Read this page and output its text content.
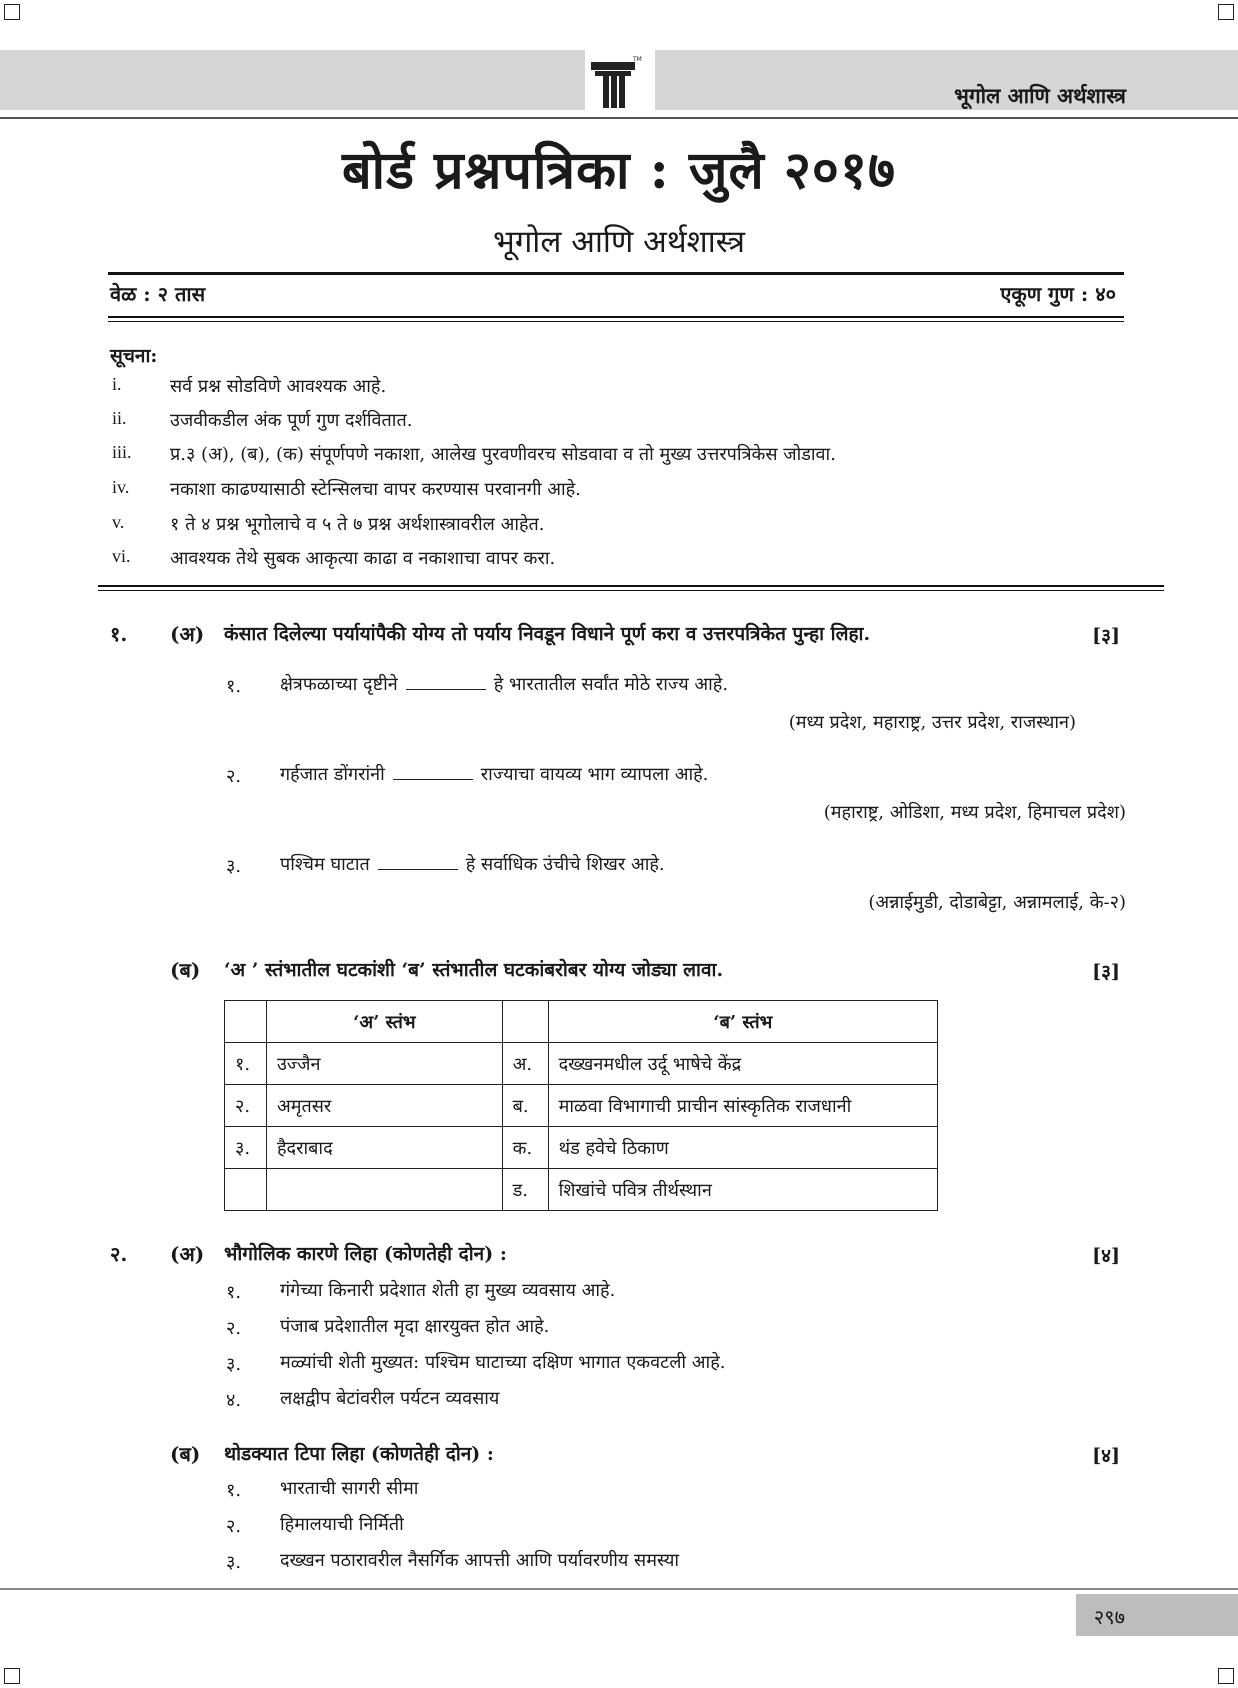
TM
भूगोल आणि अर्थशास्त्र
बोर्ड प्रश्नपत्रिका : जुलै २०१७
भूगोल आणि अर्थशास्त्र
वेळ : २ तास	एकूण गुण : ४०
सूचना:
i.	सर्व प्रश्न सोडविणे आवश्यक आहे.
ii. उजवीकडील अंक पूर्ण गुण दर्शवितात.
iii. प्र.३ (अ), (ब), (क) संपूर्णपणे नकाशा, आलेख पुरवणीवरच सोडवावा व तो मुख्य उत्तरपत्रिकेस जोडावा.
iv. नकाशा काढण्यासाठी स्टेन्सिलचा वापर करण्यास परवानगी आहे.
v.	१ ते ४ प्रश्न भूगोलाचे व ५ ते ७ प्रश्न अर्थशास्त्रावरील आहेत.
vi. आवश्यक तेथे सुबक आकृत्या काढा व नकाशाचा वापर करा.
१. (अ) कंसात दिलेल्या पर्यायांपैकी योग्य तो पर्याय निवडून विधाने पूर्ण करा व उत्तरपत्रिकेत पुन्हा लिहा.	[३]
१. क्षेत्रफळाच्या दृष्टीने	हे भारतातील सर्वांत मोठे राज्य आहे.
(मध्य प्रदेश, महाराष्ट्र, उत्तर प्रदेश, राजस्थान)
२. गर्हजात डोंगरांनी	राज्याचा वायव्य भाग व्यापला आहे.
(महाराष्ट्र, ओडिशा, मध्य प्रदेश, हिमाचल प्रदेश)
३. पश्चिम घाटात	हे सर्वाधिक उंचीचे शिखर आहे.
(अन्नाईमुडी, दोडाबेट्टा, अन्नामलाई, के-२)
(ब) ‘अ ’ स्तंभातील घटकांशी ‘ब’ स्तंभातील घटकांबरोबर योग्य जोड्या लावा.	[३]
	‘अ’ स्तंभ		‘ब’ स्तंभ
१.	उज्जैन	अ.	दख्खनमधील उर्दू भाषेचे केंद्र
२.	अमृतसर	ब.	माळवा विभागाची प्राचीन सांस्कृतिक राजधानी
३.	हैदराबाद	क.	थंड हवेचे ठिकाण
		ड.	शिखांचे पवित्र तीर्थस्थान
२. (अ) भौगोलिक कारणे लिहा (कोणतेही दोन) :	[४]
१. गंगेच्या किनारी प्रदेशात शेती हा मुख्य व्यवसाय आहे.
२. पंजाब प्रदेशातील मृदा क्षारयुक्त होत आहे.
३. मळ्यांची शेती मुख्यत: पश्चिम घाटाच्या दक्षिण भागात एकवटली आहे.
४. लक्षद्वीप बेटांवरील पर्यटन व्यवसाय
(ब) थोडक्यात टिपा लिहा (कोणतेही दोन) :	[४]
१. भारताची सागरी सीमा
२. हिमालयाची निर्मिती
३. दख्खन पठारावरील नैसर्गिक आपत्ती आणि पर्यावरणीय समस्या
२९७
